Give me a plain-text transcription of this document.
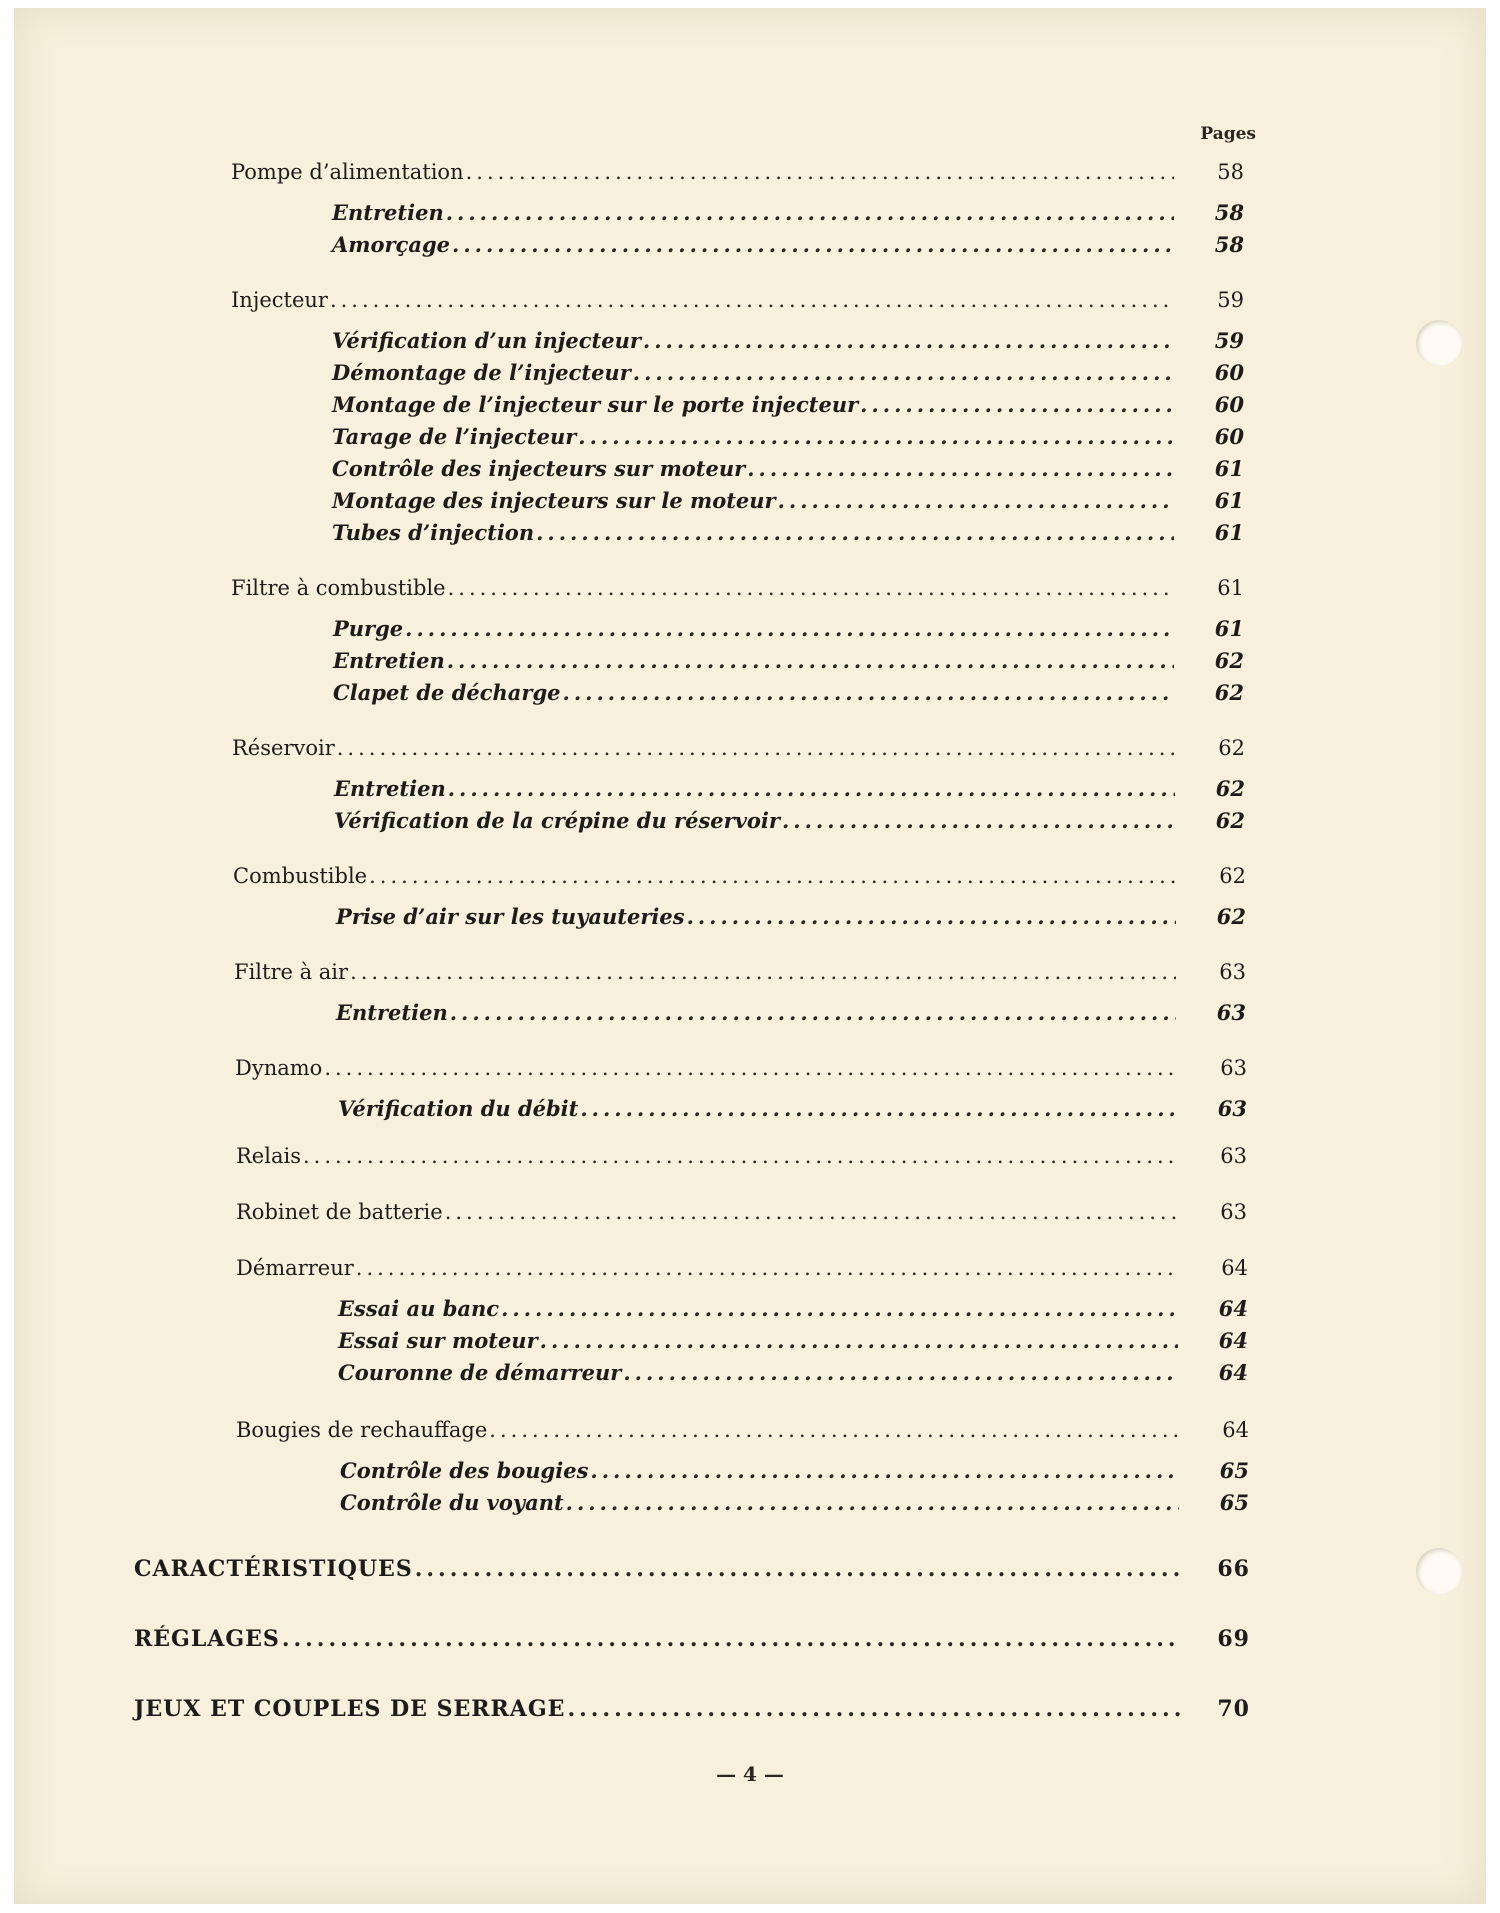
Pages
Pompe d’alimentation .....	58
Entretien .....	58
Amorçage .....	58
Injecteur .....	59
Vérification d’un injecteur .....	59
Démontage de l’injecteur .....	60
Montage de l’injecteur sur le porte injecteur .....	60
Tarage de l’injecteur .....	60
Contrôle des injecteurs sur moteur .....	61
Montage des injecteurs sur le moteur .....	61
Tubes d’injection .....	61
Filtre à combustible .....	61
Purge .....	61
Entretien .....	62
Clapet de décharge .....	62
Réservoir .....	62
Entretien .....	62
Vérification de la crépine du réservoir .....	62
Combustible .....	62
Prise d’air sur les tuyauteries .....	62
Filtre à air .....	63
Entretien .....	63
Dynamo .....	63
Vérification du débit .....	63
Relais .....	63
Robinet de batterie .....	63
Démarreur .....	64
Essai au banc .....	64
Essai sur moteur .....	64
Couronne de démarreur .....	64
Bougies de rechauffage .....	64
Contrôle des bougies .....	65
Contrôle du voyant .....	65
CARACTÉRISTIQUES .....	66
RÉGLAGES .....	69
JEUX ET COUPLES DE SERRAGE .....	70
— 4 —
